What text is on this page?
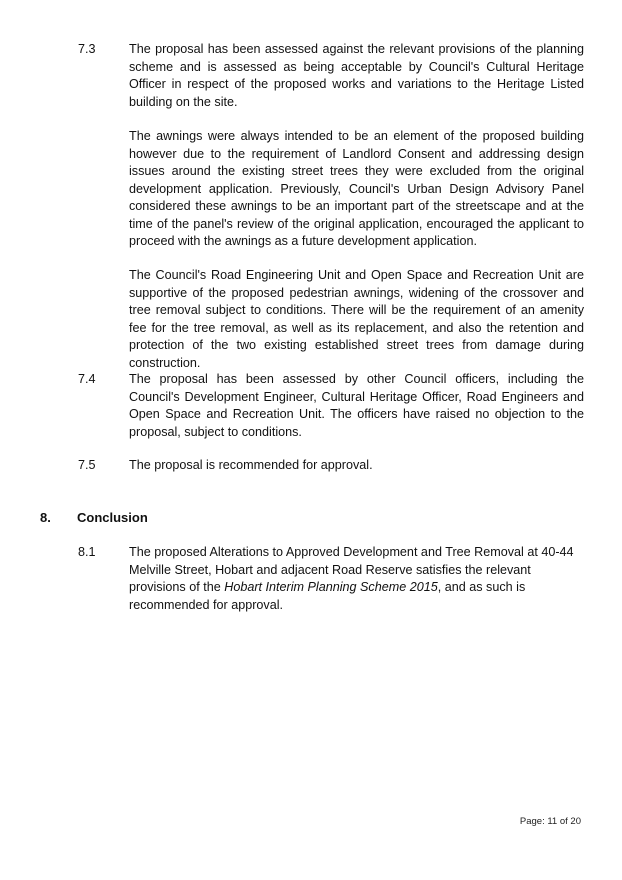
7.3	The proposal has been assessed against the relevant provisions of the planning scheme and is assessed as being acceptable by Council's Cultural Heritage Officer in respect of the proposed works and variations to the Heritage Listed building on the site.

The awnings were always intended to be an element of the proposed building however due to the requirement of Landlord Consent and addressing design issues around the existing street trees they were excluded from the original development application. Previously, Council's Urban Design Advisory Panel considered these awnings to be an important part of the streetscape and at the time of the panel's review of the original application, encouraged the applicant to proceed with the awnings as a future development application.

The Council's Road Engineering Unit and Open Space and Recreation Unit are supportive of the proposed pedestrian awnings, widening of the crossover and tree removal subject to conditions. There will be the requirement of an amenity fee for the tree removal, as well as its replacement, and also the retention and protection of the two existing established street trees from damage during construction.

7.4	The proposal has been assessed by other Council officers, including the Council's Development Engineer, Cultural Heritage Officer, Road Engineers and Open Space and Recreation Unit. The officers have raised no objection to the proposal, subject to conditions.

7.5	The proposal is recommended for approval.

8. Conclusion
8.1	The proposed Alterations to Approved Development and Tree Removal at 40-44 Melville Street, Hobart and adjacent Road Reserve satisfies the relevant provisions of the Hobart Interim Planning Scheme 2015, and as such is recommended for approval.

Page: 11 of 20
